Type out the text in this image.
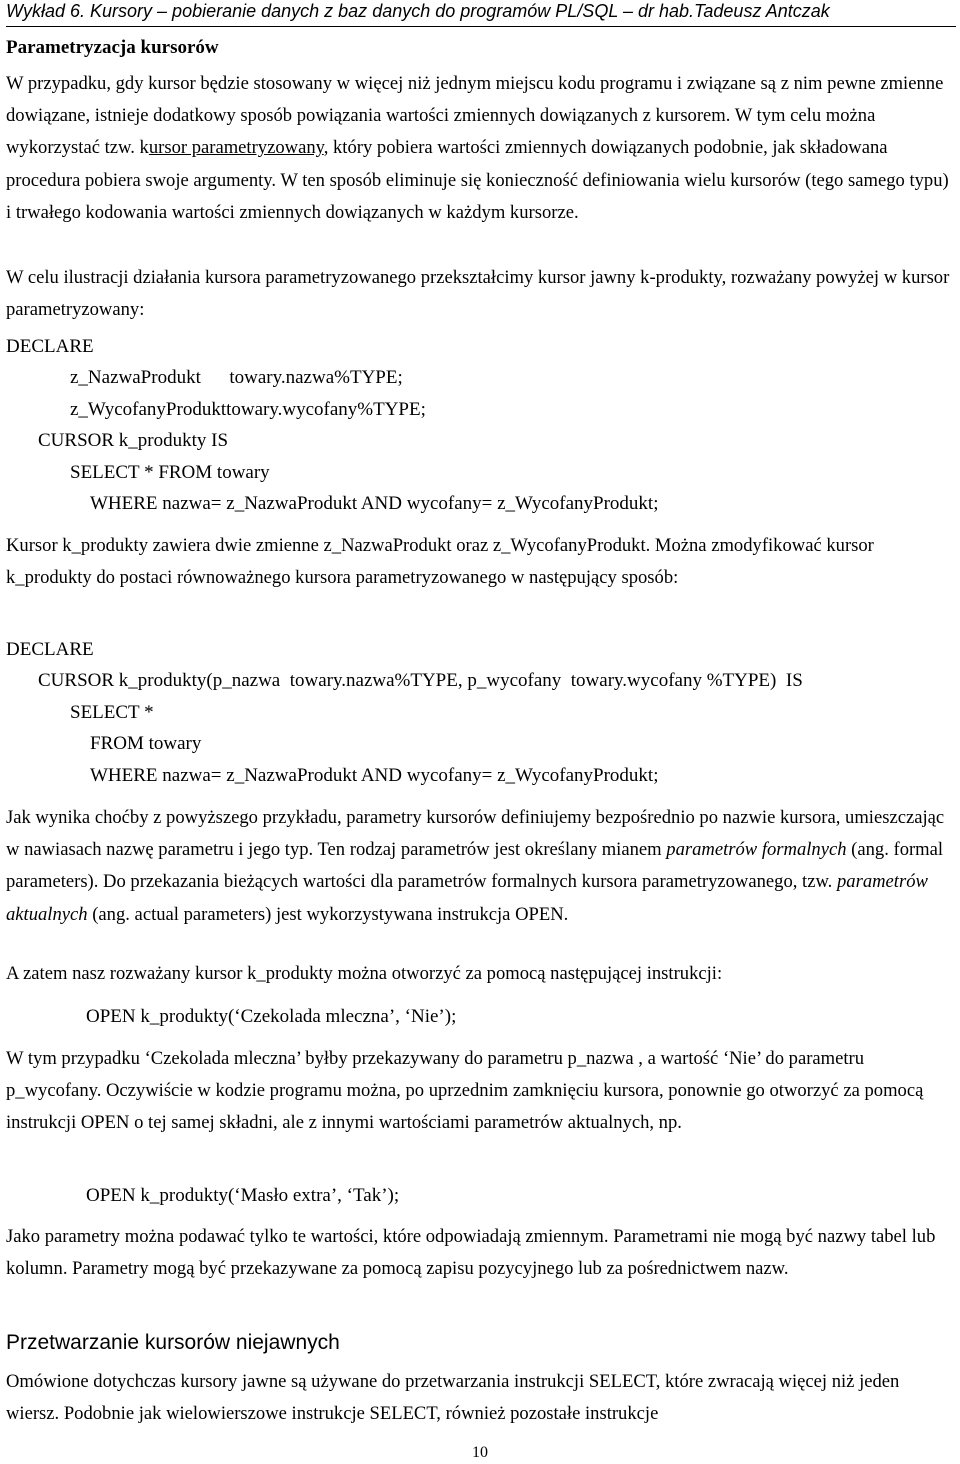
Wykład 6. Kursory – pobieranie danych z baz danych do programów PL/SQL – dr hab.Tadeusz Antczak
Parametryzacja kursorów
W przypadku, gdy kursor będzie stosowany w więcej niż jednym miejscu kodu programu i związane są z nim pewne zmienne dowiązane, istnieje dodatkowy sposób powiązania wartości zmiennych dowiązanych z kursorem. W tym celu można wykorzystać tzw. kursor parametryzowany, który pobiera wartości zmiennych dowiązanych podobnie, jak składowana procedura pobiera swoje argumenty. W ten sposób eliminuje się konieczność definiowania wielu kursorów (tego samego typu) i trwałego kodowania wartości zmiennych dowiązanych w każdym kursorze.
W celu ilustracji działania kursora parametryzowanego przekształcimy kursor jawny k-produkty, rozważany powyżej w kursor parametryzowany:
DECLARE
z_NazwaProdukt      towary.nazwa%TYPE;
z_WycofanyProdukttowary.wycofany%TYPE;
CURSOR k_produkty IS
SELECT * FROM towary
WHERE nazwa= z_NazwaProdukt AND wycofany= z_WycofanyProdukt;
Kursor k_produkty zawiera dwie zmienne z_NazwaProdukt oraz z_WycofanyProdukt. Można zmodyfikować kursor k_produkty do postaci równoważnego kursora parametryzowanego w następujący sposób:
DECLARE
CURSOR k_produkty(p_nazwa  towary.nazwa%TYPE, p_wycofany  towary.wycofany %TYPE)  IS
SELECT *
FROM towary
WHERE nazwa= z_NazwaProdukt AND wycofany= z_WycofanyProdukt;
Jak wynika choćby z powyższego przykładu, parametry kursorów definiujemy bezpośrednio po nazwie kursora, umieszczając w nawiasach nazwę parametru i jego typ. Ten rodzaj parametrów jest określany mianem parametrów formalnych (ang. formal parameters). Do przekazania bieżących wartości dla parametrów formalnych kursora parametryzowanego, tzw. parametrów aktualnych (ang. actual parameters) jest wykorzystywana instrukcja OPEN.
A zatem nasz rozważany kursor k_produkty można otworzyć za pomocą następującej instrukcji:
OPEN k_produkty(‘Czekolada mleczna’, ‘Nie’);
W tym przypadku ‘Czekolada mleczna’ byłby przekazywany do parametru p_nazwa , a wartość ‘Nie’ do parametru p_wycofany. Oczywiście w kodzie programu można, po uprzednim zamknięciu kursora, ponownie go otworzyć za pomocą instrukcji OPEN o tej samej składni, ale z innymi wartościami parametrów aktualnych, np.
OPEN k_produkty(‘Masło extra’, ‘Tak’);
Jako parametry można podawać tylko te wartości, które odpowiadają zmiennym. Parametrami nie mogą być nazwy tabel lub kolumn. Parametry mogą być przekazywane za pomocą zapisu pozycyjnego lub za pośrednictwem nazw.
Przetwarzanie kursorów niejawnych
Omówione dotychczas kursory jawne są używane do przetwarzania instrukcji SELECT, które zwracają więcej niż jeden wiersz. Podobnie jak wielowierszowe instrukcje SELECT, również pozostałe instrukcje
10
